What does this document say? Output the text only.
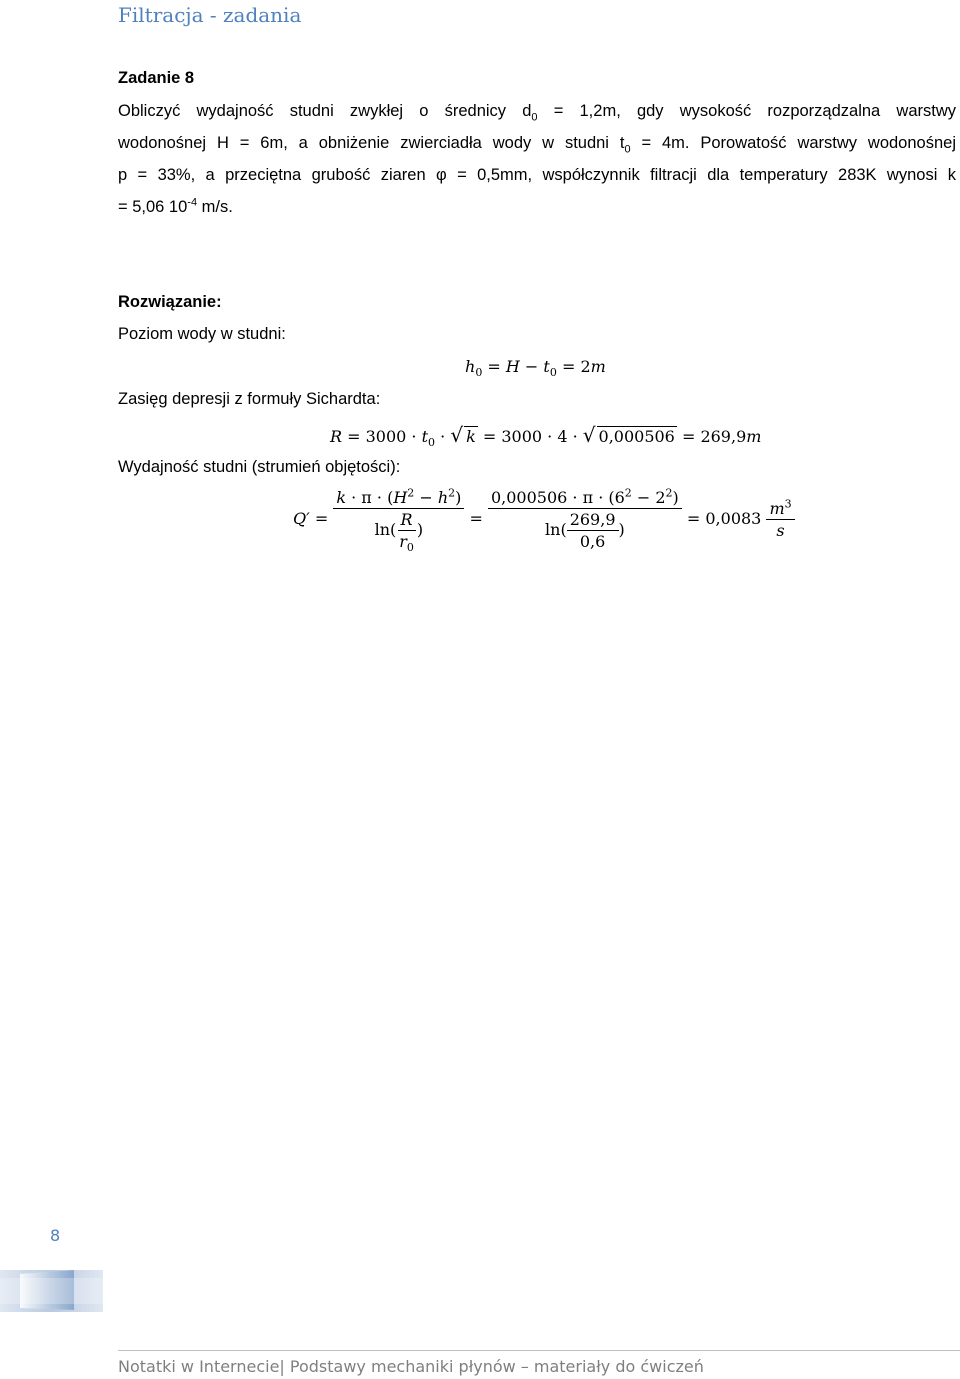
Filtracja - zadania
Zadanie 8
Obliczyć wydajność studni zwykłej o średnicy $d_0 = 1,2m$, gdy wysokość rozporządzalna warstwy
wodonośnej H = 6m, a obniżenie zwierciadła wody w studni $t_0 = 4m$. Porowatość warstwy wodonośnej
p = 33%, a przeciętna grubość ziaren φ = 0,5mm, współczynnik filtracji dla temperatury 283K wynosi k
= 5,06 $10^{-4}$ m/s.
Rozwiązanie:
Poziom wody w studni:
$h_0 = H - t_0 = 2m$
Zasięg depresji z formuły Sichardta:
$R = 3000 \cdot t_0$ · √ k = 3000 · 4 · √ 0,000506 = 269,9m
Wydajność studni (strumień objętości):
$Q' = \frac{k \cdot \pi \cdot (H^2 - h^2)}{\ln( \frac{R}{r_0} )} = \frac{0,000506 \cdot \pi \cdot (6^2 - 2^2)}{\ln( \frac{269,9}{0,6} )} = 0,0083 \frac{m^3}{s}$
8
Notatki w Internecie| Podstawy mechaniki płynów – materiały do ćwiczeń
